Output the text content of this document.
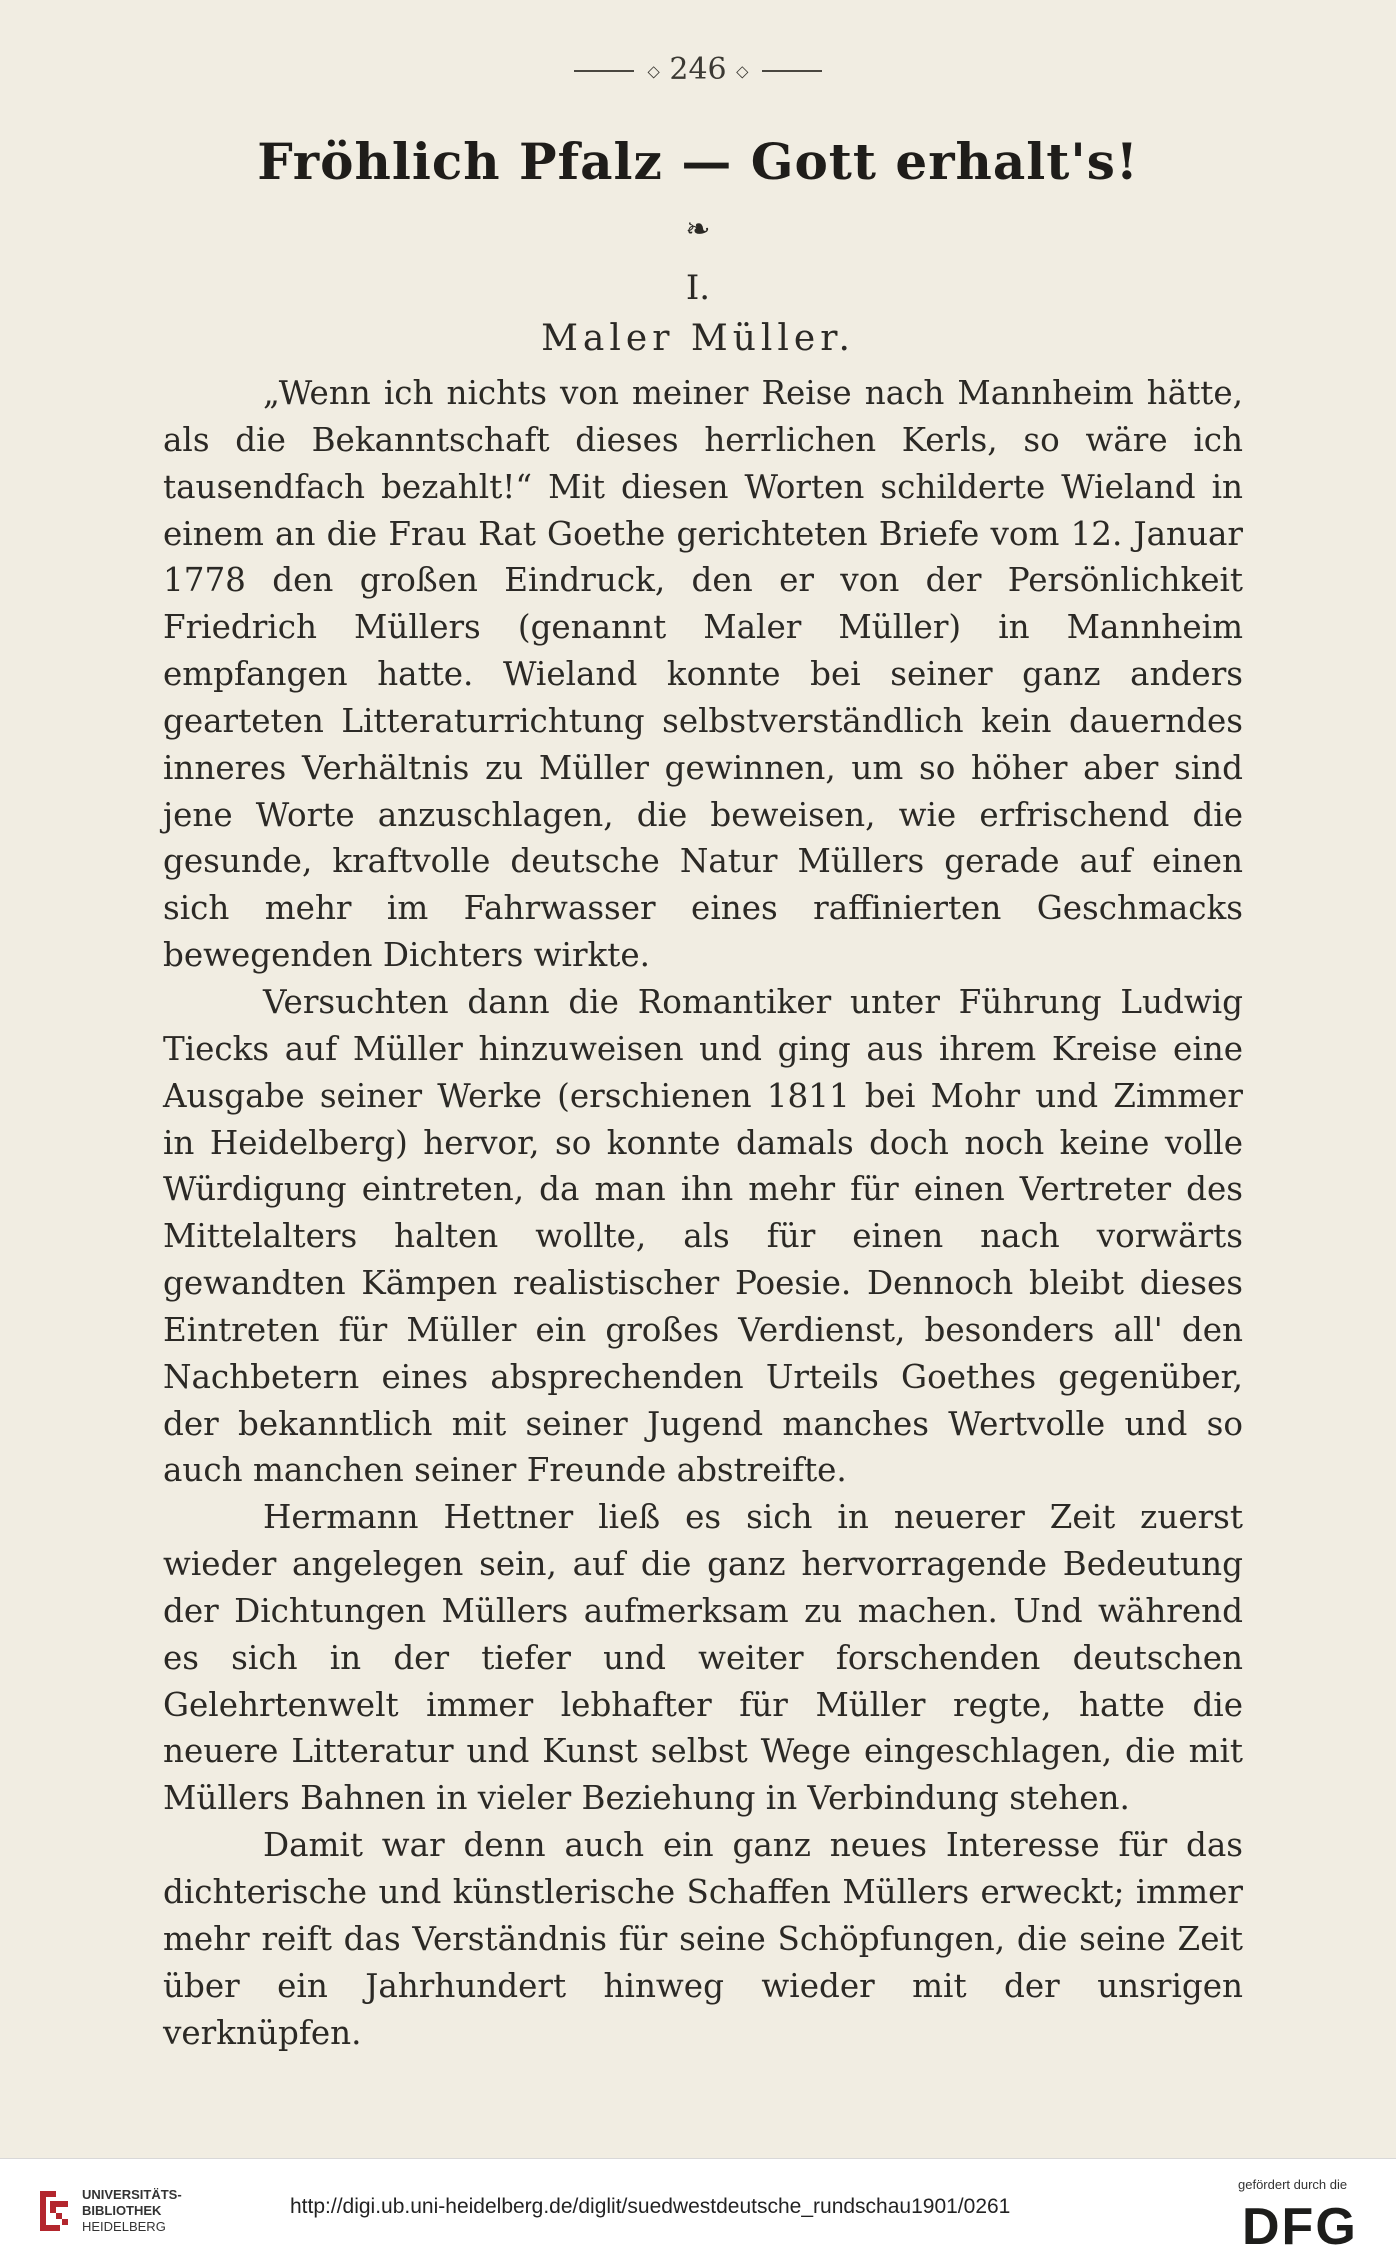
◇ 246 ◇
Fröhlich Pfalz — Gott erhalt's!
❧
I.
Maler Müller.

„Wenn ich nichts von meiner Reise nach Mannheim hätte, als die Bekanntschaft dieses herrlichen Kerls, so wäre ich tausendfach bezahlt!“ Mit diesen Worten schilderte Wieland in einem an die Frau Rat Goethe gerichteten Briefe vom 12. Januar 1778 den großen Eindruck, den er von der Persönlichkeit Friedrich Müllers (genannt Maler Müller) in Mannheim empfangen hatte. Wieland konnte bei seiner ganz anders gearteten Litteraturrichtung selbstverständlich kein dauerndes inneres Verhältnis zu Müller gewinnen, um so höher aber sind jene Worte anzuschlagen, die beweisen, wie erfrischend die gesunde, kraftvolle deutsche Natur Müllers gerade auf einen sich mehr im Fahrwasser eines raffinierten Geschmacks bewegenden Dichters wirkte.

Versuchten dann die Romantiker unter Führung Ludwig Tiecks auf Müller hinzuweisen und ging aus ihrem Kreise eine Ausgabe seiner Werke (erschienen 1811 bei Mohr und Zimmer in Heidelberg) hervor, so konnte damals doch noch keine volle Würdigung eintreten, da man ihn mehr für einen Vertreter des Mittelalters halten wollte, als für einen nach vorwärts gewandten Kämpen realistischer Poesie. Dennoch bleibt dieses Eintreten für Müller ein großes Verdienst, besonders all' den Nachbetern eines absprechenden Urteils Goethes gegenüber, der bekanntlich mit seiner Jugend manches Wertvolle und so auch manchen seiner Freunde abstreifte.

Hermann Hettner ließ es sich in neuerer Zeit zuerst wieder angelegen sein, auf die ganz hervorragende Bedeutung der Dichtungen Müllers aufmerksam zu machen. Und während es sich in der tiefer und weiter forschenden deutschen Gelehrtenwelt immer lebhafter für Müller regte, hatte die neuere Litteratur und Kunst selbst Wege eingeschlagen, die mit Müllers Bahnen in vieler Beziehung in Verbindung stehen.

Damit war denn auch ein ganz neues Interesse für das dichterische und künstlerische Schaffen Müllers erweckt; immer mehr reift das Verständnis für seine Schöpfungen, die seine Zeit über ein Jahrhundert hinweg wieder mit der unsrigen verknüpfen.

UNIVERSITÄTS-
BIBLIOTHEK
HEIDELBERG
http://digi.ub.uni-heidelberg.de/diglit/suedwestdeutsche_rundschau1901/0261
gefördert durch die
DFG
